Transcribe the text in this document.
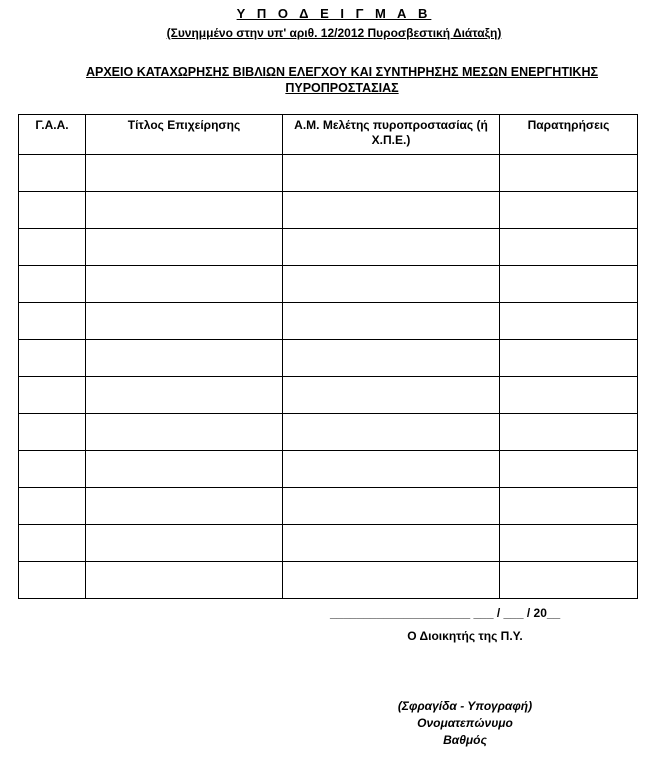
Υ Π Ο Δ Ε Ι Γ Μ Α Β
(Συνημμένο στην υπ' αριθ. 12/2012 Πυροσβεστική Διάταξη)
ΑΡΧΕΙΟ ΚΑΤΑΧΩΡΗΣΗΣ ΒΙΒΛΙΩΝ ΕΛΕΓΧΟΥ ΚΑΙ ΣΥΝΤΗΡΗΣΗΣ ΜΕΣΩΝ ΕΝΕΡΓΗΤΙΚΗΣ
ΠΥΡΟΠΡΟΣΤΑΣΙΑΣ
Γ.Α.Α.	Τίτλος Επιχείρησης	Α.Μ. Μελέτης πυροπροστασίας (ή Χ.Π.Ε.)	Παρατηρήσεις

_____________________ ___ / ___ / 20__
Ο Διοικητής της Π.Υ.
(Σφραγίδα - Υπογραφή)
Ονοματεπώνυμο
Βαθμός
